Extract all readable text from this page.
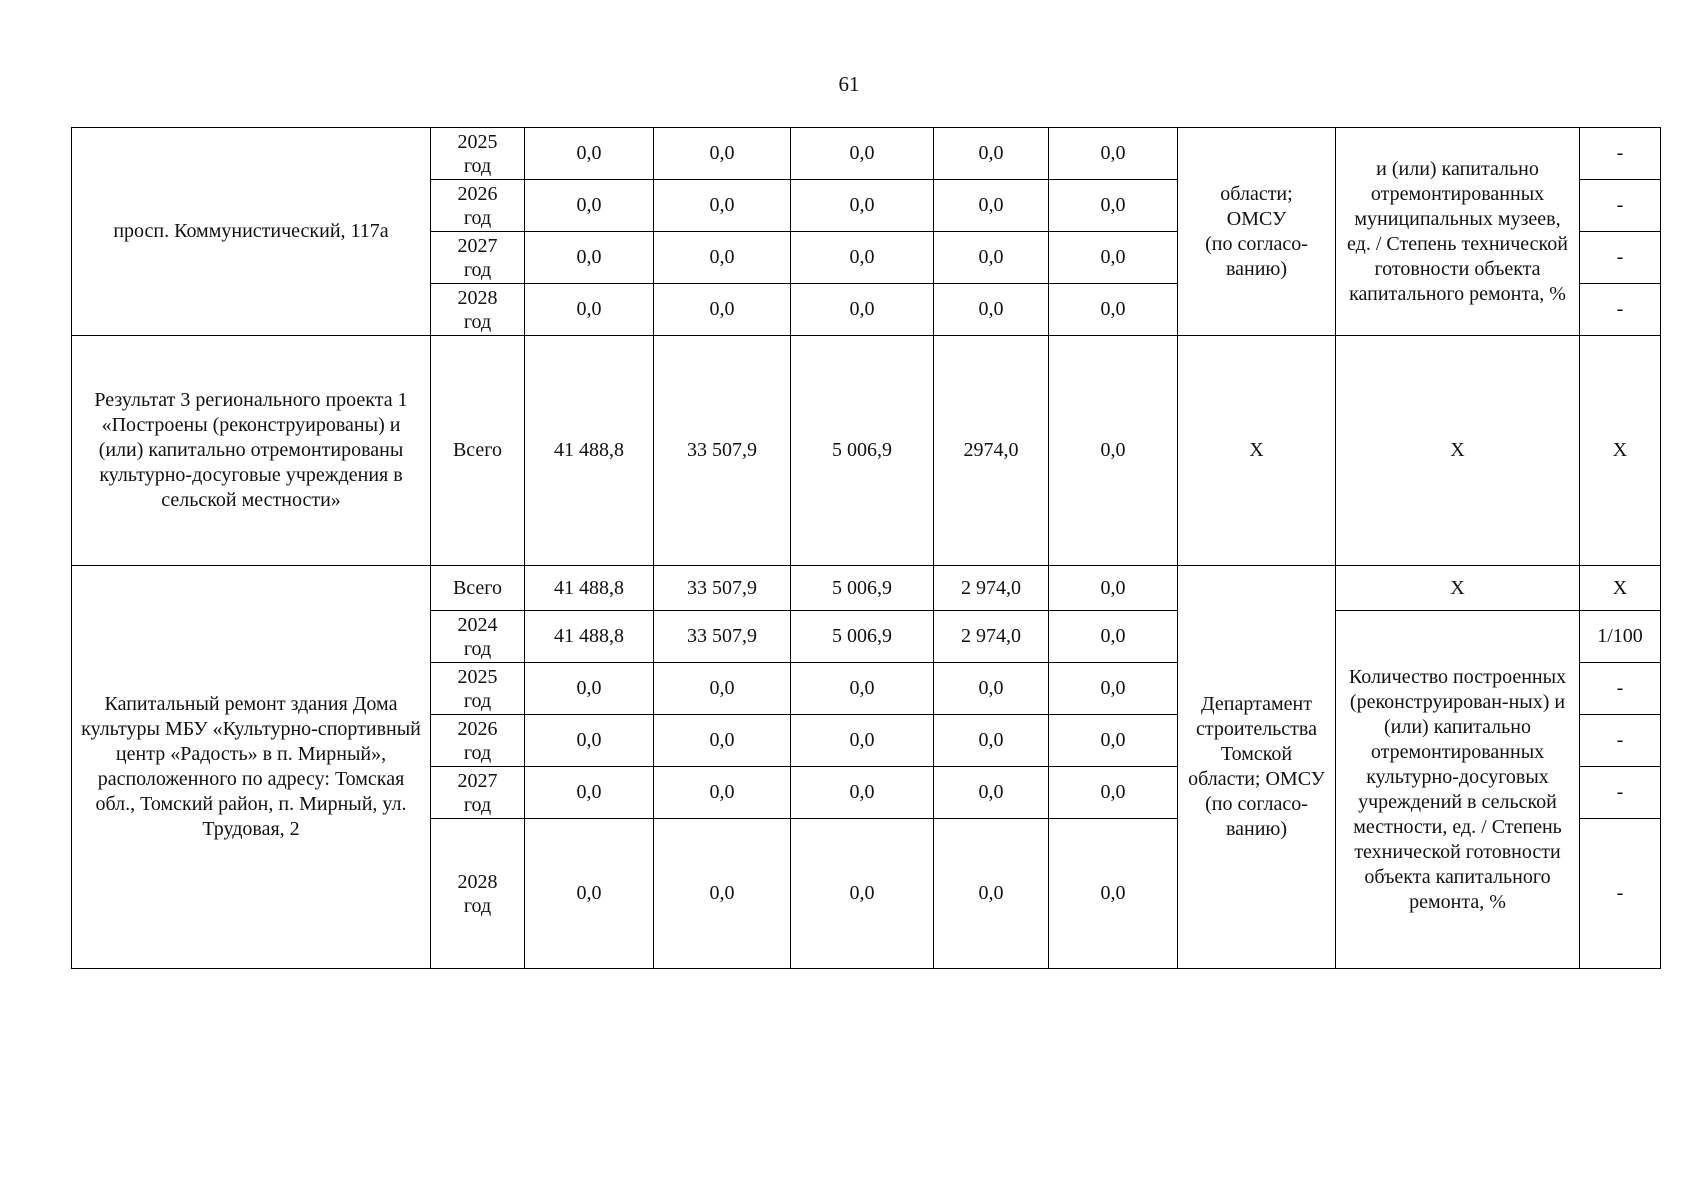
61
просп. Коммунистический, 117а	2025
год	0,0	0,0	0,0	0,0	0,0	области;
ОМСУ
(по согласо-
ванию)	и (или) капитально отремонтированных муниципальных музеев, ед. / Степень технической готовности объекта капитального ремонта, %	-

	2026
год	0,0	0,0	0,0	0,0	0,0			-

	2027
год	0,0	0,0	0,0	0,0	0,0			-

	2028
год	0,0	0,0	0,0	0,0	0,0			-
Результат 3 регионального проекта 1 «Построены (реконструированы) и (или) капитально отремонтированы культурно-досуговые учреждения в сельской местности»	Всего	41 488,8	33 507,9	5 006,9	2974,0	0,0	Х	Х	Х
Капитальный ремонт здания Дома культуры МБУ «Культурно-спортивный центр «Радость» в п. Мирный», расположенного по адресу: Томская обл., Томский район, п. Мирный, ул. Трудовая, 2	Всего	41 488,8	33 507,9	5 006,9	2 974,0	0,0	Департамент строительства Томской области; ОМСУ (по согласо-ванию)	Х	Х

	2024
год	41 488,8	33 507,9	5 006,9	2 974,0	0,0		Количество построенных (реконструирован-ных) и (или) капитально отремонтированных культурно-досуговых учреждений в сельской местности, ед. / Степень технической готовности объекта капитального ремонта, %	1/100

	2025
год	0,0	0,0	0,0	0,0	0,0			-

	2026
год	0,0	0,0	0,0	0,0	0,0			-

	2027
год	0,0	0,0	0,0	0,0	0,0			-

	2028
год	0,0	0,0	0,0	0,0	0,0			-
